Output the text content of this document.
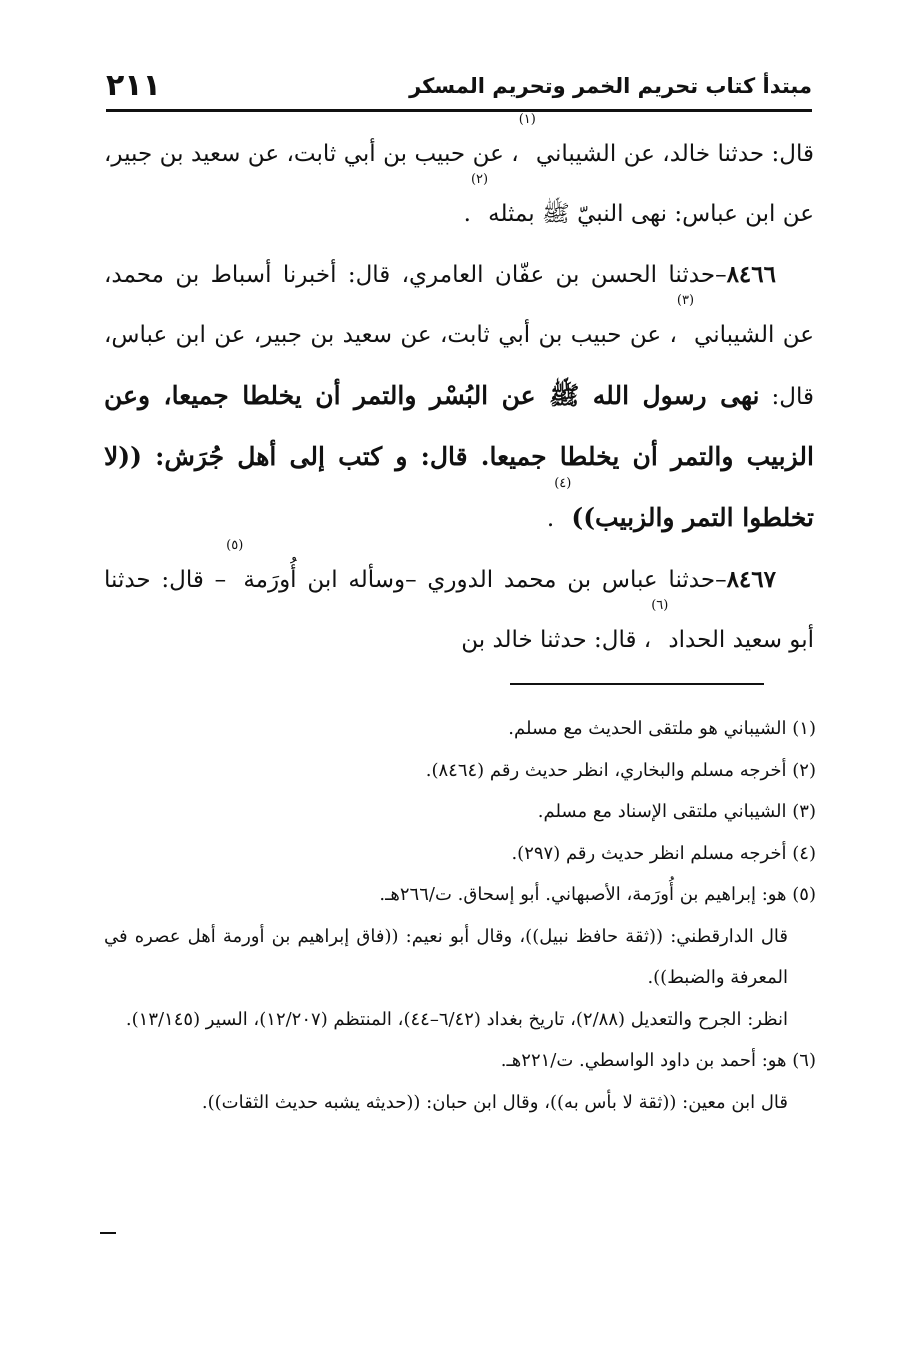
مبتدأ كتاب تحريم الخمر وتحريم المسكر
٢١١

قال: حدثنا خالد، عن الشيباني$^{(١)}$، عن حبيب بن أبي ثابت، عن سعيد بن جبير، عن ابن عباس: نهى النبيّ ﷺ بمثله$^{(٢)}$.

٨٤٦٦–حدثنا الحسن بن عفّان العامري، قال: أخبرنا أسباط بن محمد، عن الشيباني$^{(٣)}$، عن حبيب بن أبي ثابت، عن سعيد بن جبير، عن ابن عباس، قال: نهى رسول الله ﷺ عن البُسْر والتمر أن يخلطا جميعا، وعن الزبيب والتمر أن يخلطا جميعا. قال: و كتب إلى أهل جُرَش: ((لا تخلطوا التمر والزبيب))$^{(٤)}$.

٨٤٦٧–حدثنا عباس بن محمد الدوري –وسأله ابن أُورَمة$^{(٥)}$– قال: حدثنا أبو سعيد الحداد$^{(٦)}$، قال: حدثنا خالد بن

(١) الشيباني هو ملتقى الحديث مع مسلم.

(٢) أخرجه مسلم والبخاري، انظر حديث رقم (٨٤٦٤).

(٣) الشيباني ملتقى الإسناد مع مسلم.

(٤) أخرجه مسلم انظر حديث رقم (٢٩٧).

(٥) هو: إبراهيم بن أُورَمة، الأصبهاني. أبو إسحاق. ت/٢٦٦هـ.

قال الدارقطني: ((ثقة حافظ نبيل))، وقال أبو نعيم: ((فاق إبراهيم بن أورمة أهل عصره في المعرفة والضبط)).

انظر: الجرح والتعديل (٢/٨٨)، تاريخ بغداد (٦/٤٢–٤٤)، المنتظم (١٢/٢٠٧)، السير (١٣/١٤٥).

(٦) هو: أحمد بن داود الواسطي. ت/٢٢١هـ.

قال ابن معين: ((ثقة لا بأس به))، وقال ابن حبان: ((حديثه يشبه حديث الثقات)).
